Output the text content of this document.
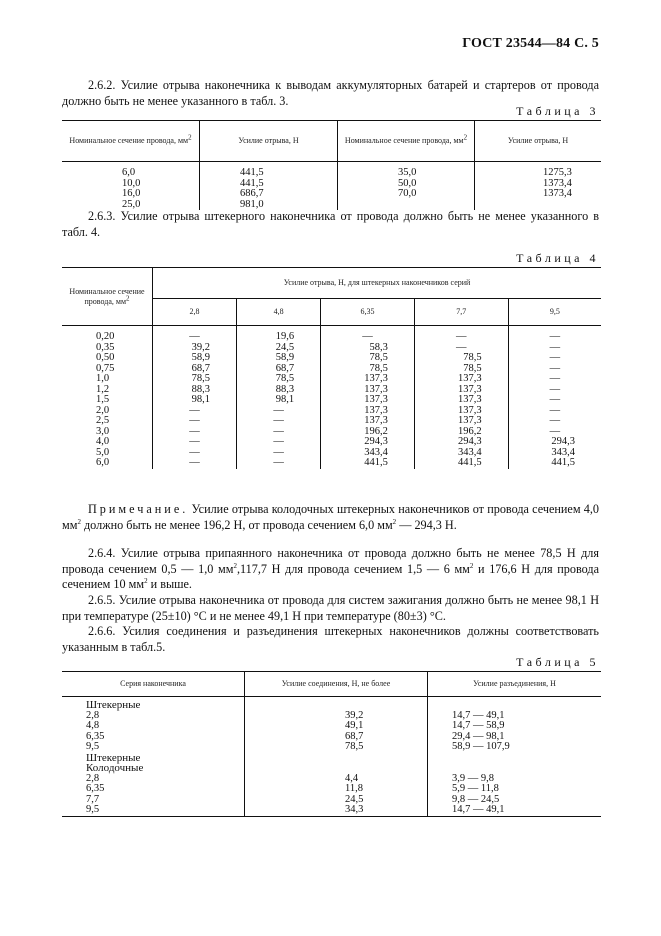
ГОСТ 23544—84 С. 5
2.6.2. Усилие отрыва наконечника к выводам аккумуляторных батарей и стартеров от провода должно быть не менее указанного в табл. 3.
Таблица 3
Номинальное сечение провода, $мм^2$	Усилие отрыва, Н	Номинальное сечение провода, $мм^2$	Усилие отрыва, Н
6,0	441,5	35,0	1275,3
10,0	441,5	50,0	1373,4
16,0	686,7	70,0	1373,4
25,0	981,0		
2.6.3. Усилие отрыва штекерного наконечника от провода должно быть не менее указанного в табл. 4.
Таблица 4
Номинальное сечение провода, $мм^2$	Усилие отрыва, Н, для штекерных наконечников серий				
	2,8	4,8	6,35	7,7	9,5
0,20	—	19,6	—	—	—
0,35	39,2	24,5	58,3	—	—
0,50	58,9	58,9	78,5	78,5	—
0,75	68,7	68,7	78,5	78,5	—
1,0	78,5	78,5	137,3	137,3	—
1,2	88,3	88,3	137,3	137,3	—
1,5	98,1	98,1	137,3	137,3	—
2,0	—	—	137,3	137,3	—
2,5	—	—	137,3	137,3	—
3,0	—	—	196,2	196,2	—
4,0	—	—	294,3	294,3	294,3
5,0	—	—	343,4	343,4	343,4
6,0	—	—	441,5	441,5	441,5
Примечание. Усилие отрыва колодочных штекерных наконечников от провода сечением 4,0 $мм^2$ должно быть не менее 196,2 Н, от провода сечением 6,0 $мм^2$ — 294,3 Н.
2.6.4. Усилие отрыва припаянного наконечника от провода должно быть не менее 78,5 Н для провода сечением 0,5 — 1,0 $мм^2,117,7$ Н для провода сечением 1,5 — 6 $мм^2$ и 176,6 Н для провода сечением 10 $мм^2$ и выше.
2.6.5. Усилие отрыва наконечника от провода для систем зажигания должно быть не менее 98,1 Н при температуре (25±10) °С и не менее 49,1 Н при температуре (80±3) °С.
2.6.6. Усилия соединения и разъединения штекерных наконечников должны соответствовать указанным в табл.5.
Таблица 5
Серия наконечника	Усилие соединения, Н, не более	Усилие разъединения, Н
Штекерные		
2,8	39,2	14,7 — 49,1
4,8	49,1	14,7 — 58,9
6,35	68,7	29,4 — 98,1
9,5	78,5	58,9 — 107,9
Штекерные		
Колодочные		
2,8	4,4	3,9 — 9,8
6,35	11,8	5,9 — 11,8
7,7	24,5	9,8 — 24,5
9,5	34,3	14,7 — 49,1
